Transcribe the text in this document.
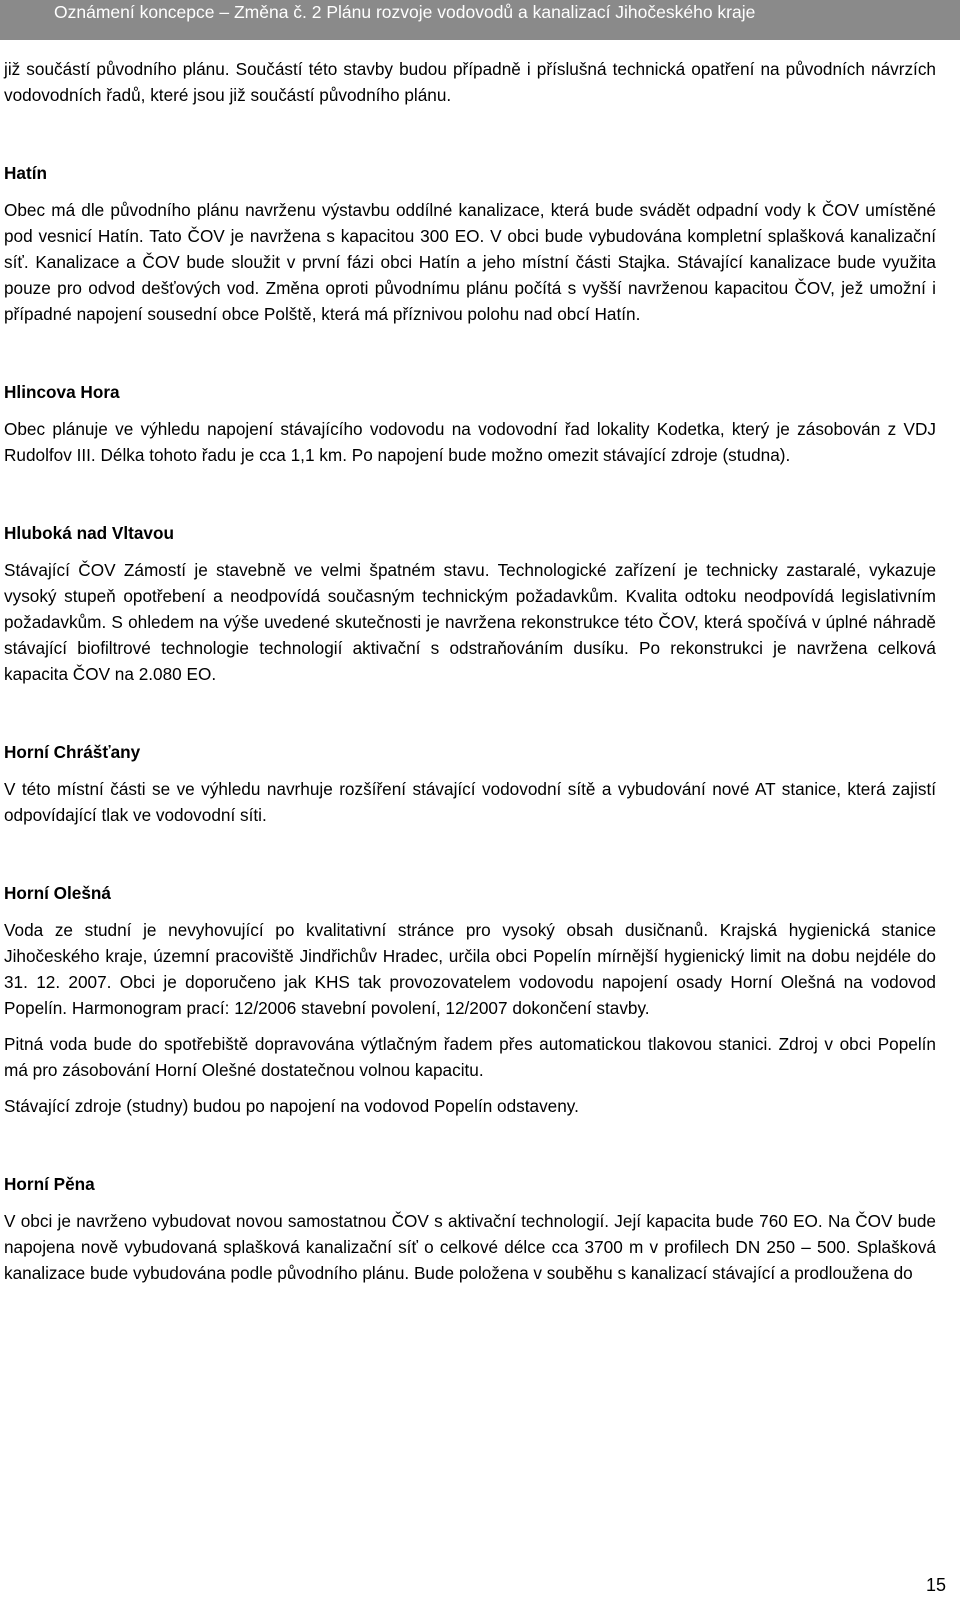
Oznámení koncepce – Změna č. 2 Plánu rozvoje vodovodů a kanalizací Jihočeského kraje

již součástí původního plánu. Součástí této stavby budou případně i příslušná technická opatření na původních návrzích vodovodních řadů, které jsou již součástí původního plánu.

Hatín

Obec má dle původního plánu navrženu výstavbu oddílné kanalizace, která bude svádět odpadní vody k ČOV umístěné pod vesnicí Hatín. Tato ČOV je navržena s kapacitou 300 EO. V obci bude vybudována kompletní splašková kanalizační síť. Kanalizace a ČOV bude sloužit v první fázi obci Hatín a jeho místní části Stajka. Stávající kanalizace bude využita pouze pro odvod dešťových vod. Změna oproti původnímu plánu počítá s vyšší navrženou kapacitou ČOV, jež umožní i případné napojení sousední obce Polště, která má příznivou polohu nad obcí Hatín.

Hlincova Hora

Obec plánuje ve výhledu napojení stávajícího vodovodu na vodovodní řad lokality Kodetka, který je zásobován z VDJ Rudolfov III. Délka tohoto řadu je cca 1,1 km. Po napojení bude možno omezit stávající zdroje (studna).

Hluboká nad Vltavou

Stávající ČOV Zámostí je stavebně ve velmi špatném stavu. Technologické zařízení je technicky zastaralé, vykazuje vysoký stupeň opotřebení a neodpovídá současným technickým požadavkům. Kvalita odtoku neodpovídá legislativním požadavkům. S ohledem na výše uvedené skutečnosti je navržena rekonstrukce této ČOV, která spočívá v úplné náhradě stávající biofiltrové technologie technologií aktivační s odstraňováním dusíku. Po rekonstrukci je navržena celková kapacita ČOV na 2.080 EO.

Horní Chrášťany

V této místní části se ve výhledu navrhuje rozšíření stávající vodovodní sítě a vybudování nové AT stanice, která zajistí odpovídající tlak ve vodovodní síti.

Horní Olešná

Voda ze studní je nevyhovující po kvalitativní stránce pro vysoký obsah dusičnanů. Krajská hygienická stanice Jihočeského kraje, územní pracoviště Jindřichův Hradec, určila obci Popelín mírnější hygienický limit na dobu nejdéle do 31. 12. 2007. Obci je doporučeno jak KHS tak provozovatelem vodovodu napojení osady Horní Olešná na vodovod Popelín. Harmonogram prací: 12/2006 stavební povolení, 12/2007 dokončení stavby.

Pitná voda bude do spotřebiště dopravována výtlačným řadem přes automatickou tlakovou stanici. Zdroj v obci Popelín má pro zásobování Horní Olešné dostatečnou volnou kapacitu.

Stávající zdroje (studny) budou po napojení na vodovod Popelín odstaveny.

Horní Pěna

V obci je navrženo vybudovat novou samostatnou ČOV s aktivační technologií. Její kapacita bude 760 EO. Na ČOV bude napojena nově vybudovaná splašková kanalizační síť o celkové délce cca 3700 m v profilech DN 250 – 500. Splašková kanalizace bude vybudována podle původního plánu. Bude položena v souběhu s kanalizací stávající a prodloužena do

15
